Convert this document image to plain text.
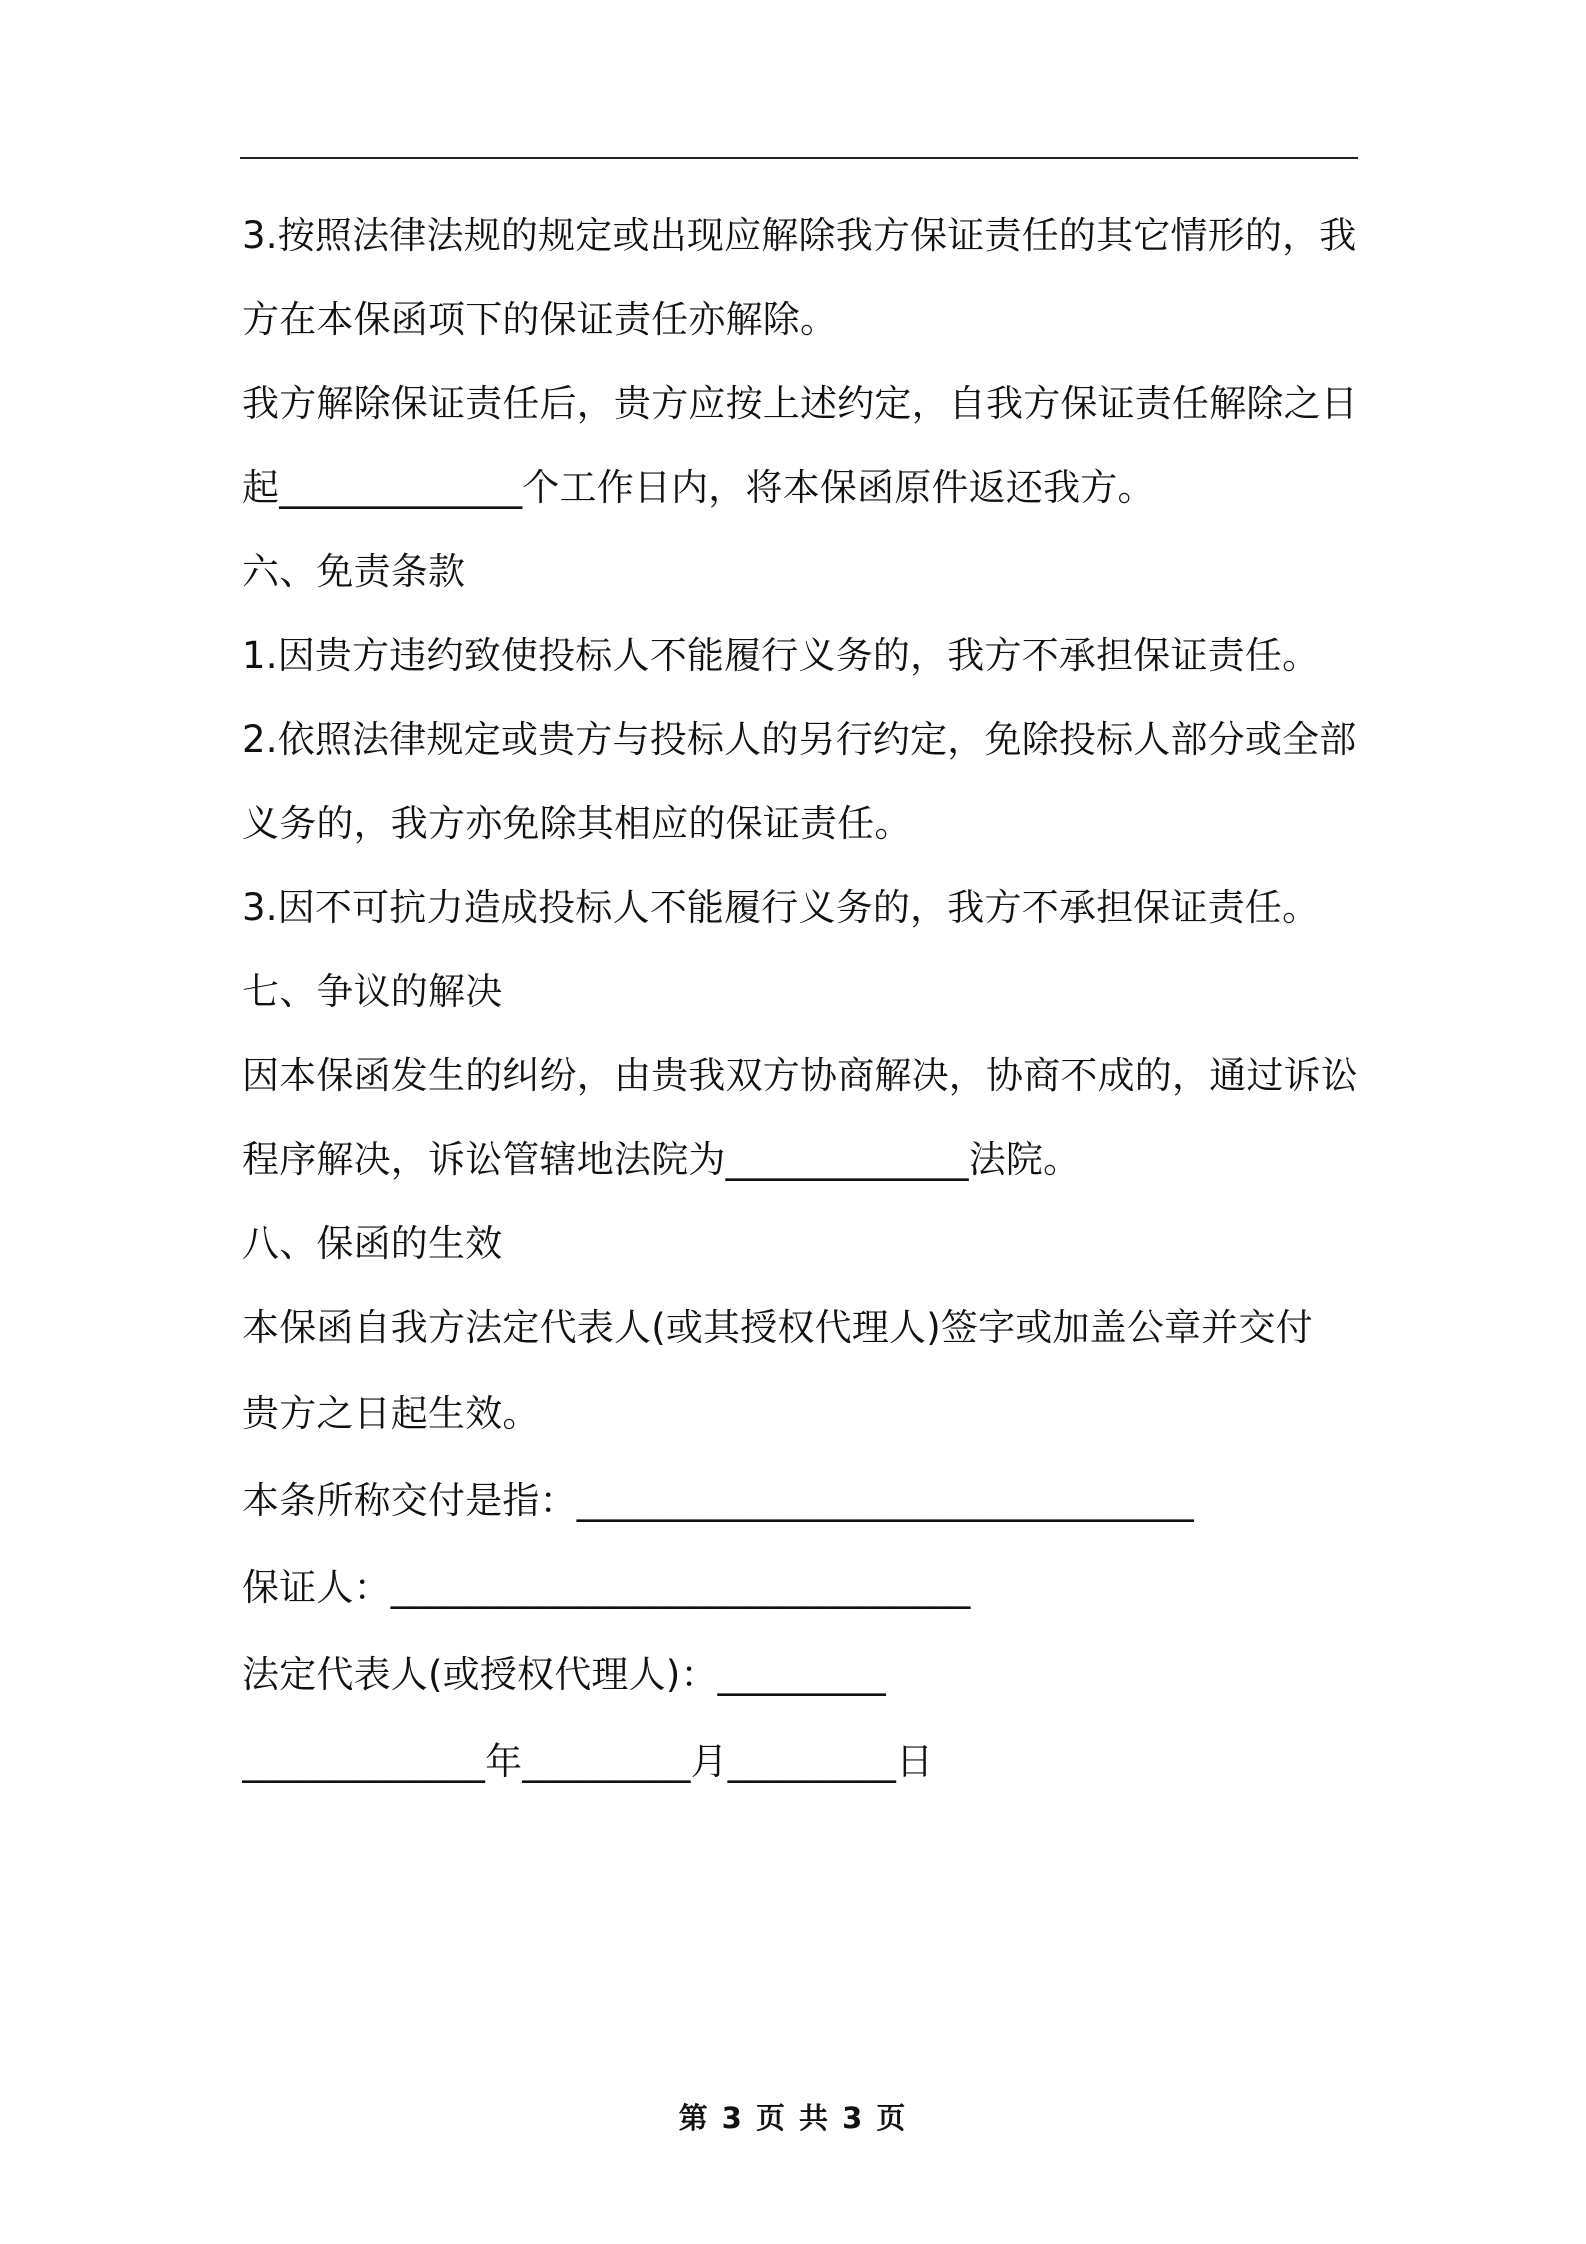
3.按照法律法规的规定或出现应解除我方保证责任的其它情形的，我
方在本保函项下的保证责任亦解除。
我方解除保证责任后，贵方应按上述约定，自我方保证责任解除之日
起_____________个工作日内，将本保函原件返还我方。
六、免责条款
1.因贵方违约致使投标人不能履行义务的，我方不承担保证责任。
2.依照法律规定或贵方与投标人的另行约定，免除投标人部分或全部
义务的，我方亦免除其相应的保证责任。
3.因不可抗力造成投标人不能履行义务的，我方不承担保证责任。
七、争议的解决
因本保函发生的纠纷，由贵我双方协商解决，协商不成的，通过诉讼
程序解决，诉讼管辖地法院为_____________法院。
八、保函的生效
本保函自我方法定代表人(或其授权代理人)签字或加盖公章并交付
贵方之日起生效。
本条所称交付是指：_________________________________
保证人：_______________________________
法定代表人(或授权代理人)：_________
_____________年_________月_________日
第 3 页 共 3 页
